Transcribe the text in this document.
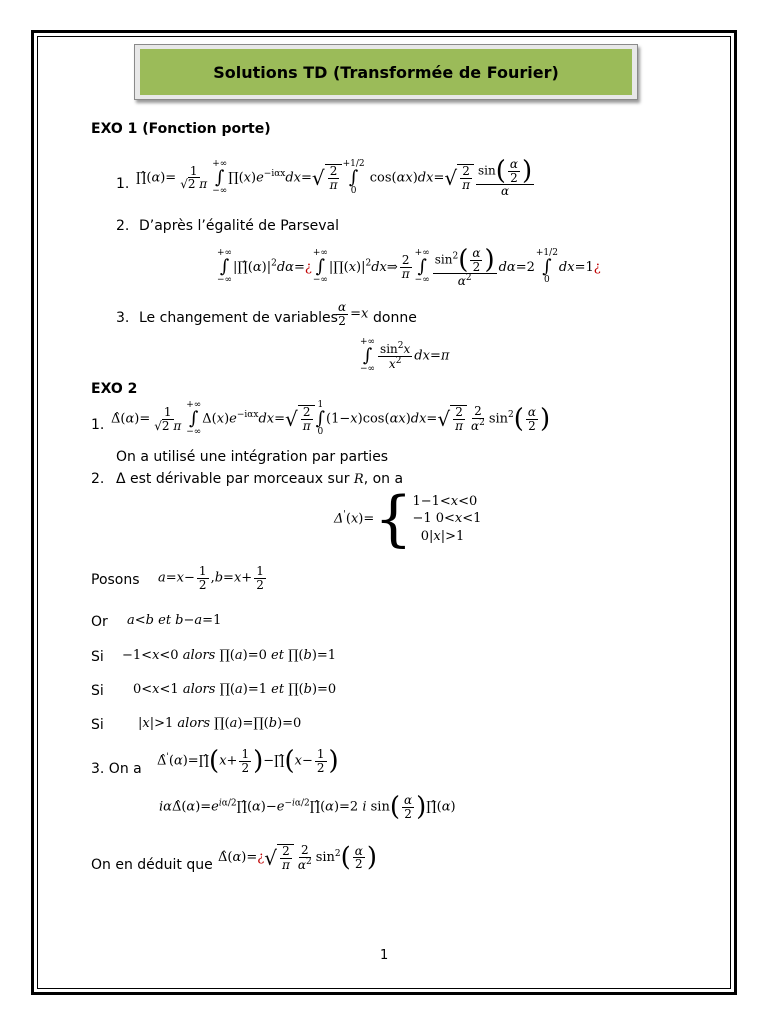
Solutions TD (Transformée de Fourier)
EXO 1 (Fonction porte)
1. ∏̂(α)= $\frac{1}{√2 \pi}$
+∞
∫
−∞
$\prod(x)e^{-i\alpha x}dx=$ √ $\frac{2}{\pi}$
+1/2
∫
0
cos(αx)dx= √ $\frac{2}{\pi} \frac{\sin( \frac{\alpha}{2} )}{\alpha}$
2. D’après l’égalité de Parseval
+∞
∫
−∞
$|\prod̂(\alpha)|^2d\alpha=¿$
+∞
∫
−∞
$|\prod(x)|^2dx\Rightarrow \frac{2}{\pi}$
+∞
∫
−∞ $\frac{\sin^2( \frac{\alpha}{2} )}{\alpha^2} d\alpha=2$
+1/2
∫
0
dx=1¿
3. Le changement de variables
$\frac{\alpha}{2} =x$ donne
+∞
∫
−∞ $\frac{\sin^2x}{x^2} dx=\pi$
EXO 2
1. Δ̂(α)= $\frac{1}{√2 \pi}$
+∞
∫
−∞
$\Delta(x)e^{-i\alpha x}dx=$ √ $\frac{2}{\pi}$
1
∫
0
(1−x)cos(αx)dx= √ $\frac{2}{\pi} \frac{2}{\alpha^2} \sin^2( \frac{\alpha}{2}$ )
On a utilisé une intégration par parties
2. Δ est dérivable par morceaux sur R, on a
Δ'(x)={ 1−1<x<0
−1 0<x<1
0|x|>1
Posons $a=x- \frac{1}{2} ,b=x+ \frac{1}{2}$
Or a<b et b−a=1
Si −1<x<0 alors ∏(a)=0 et ∏(b)=1
Si 0<x<1 alors ∏(a)=1 et ∏(b)=0
Si	|x|>1 alors ∏(a)=∏(b)=0
3. On a Δ̂'(α)=∏̂(x+ $\frac{1}{2}$ )−∏̂(x− $\frac{1}{2}$ )
$i\alpha\Deltâ(\alpha)=e^{i\alpha/2}\prod̂(\alpha)-e^{-i\alpha/2}\prod̂(\alpha)=2$ i $\sin( \frac{\alpha}{2}$ )∏̂(α)
On en déduit que Δ̂(α)=¿ √ $\frac{2}{\pi} \frac{2}{\alpha^2} \sin^2( \frac{\alpha}{2}$ )
1
